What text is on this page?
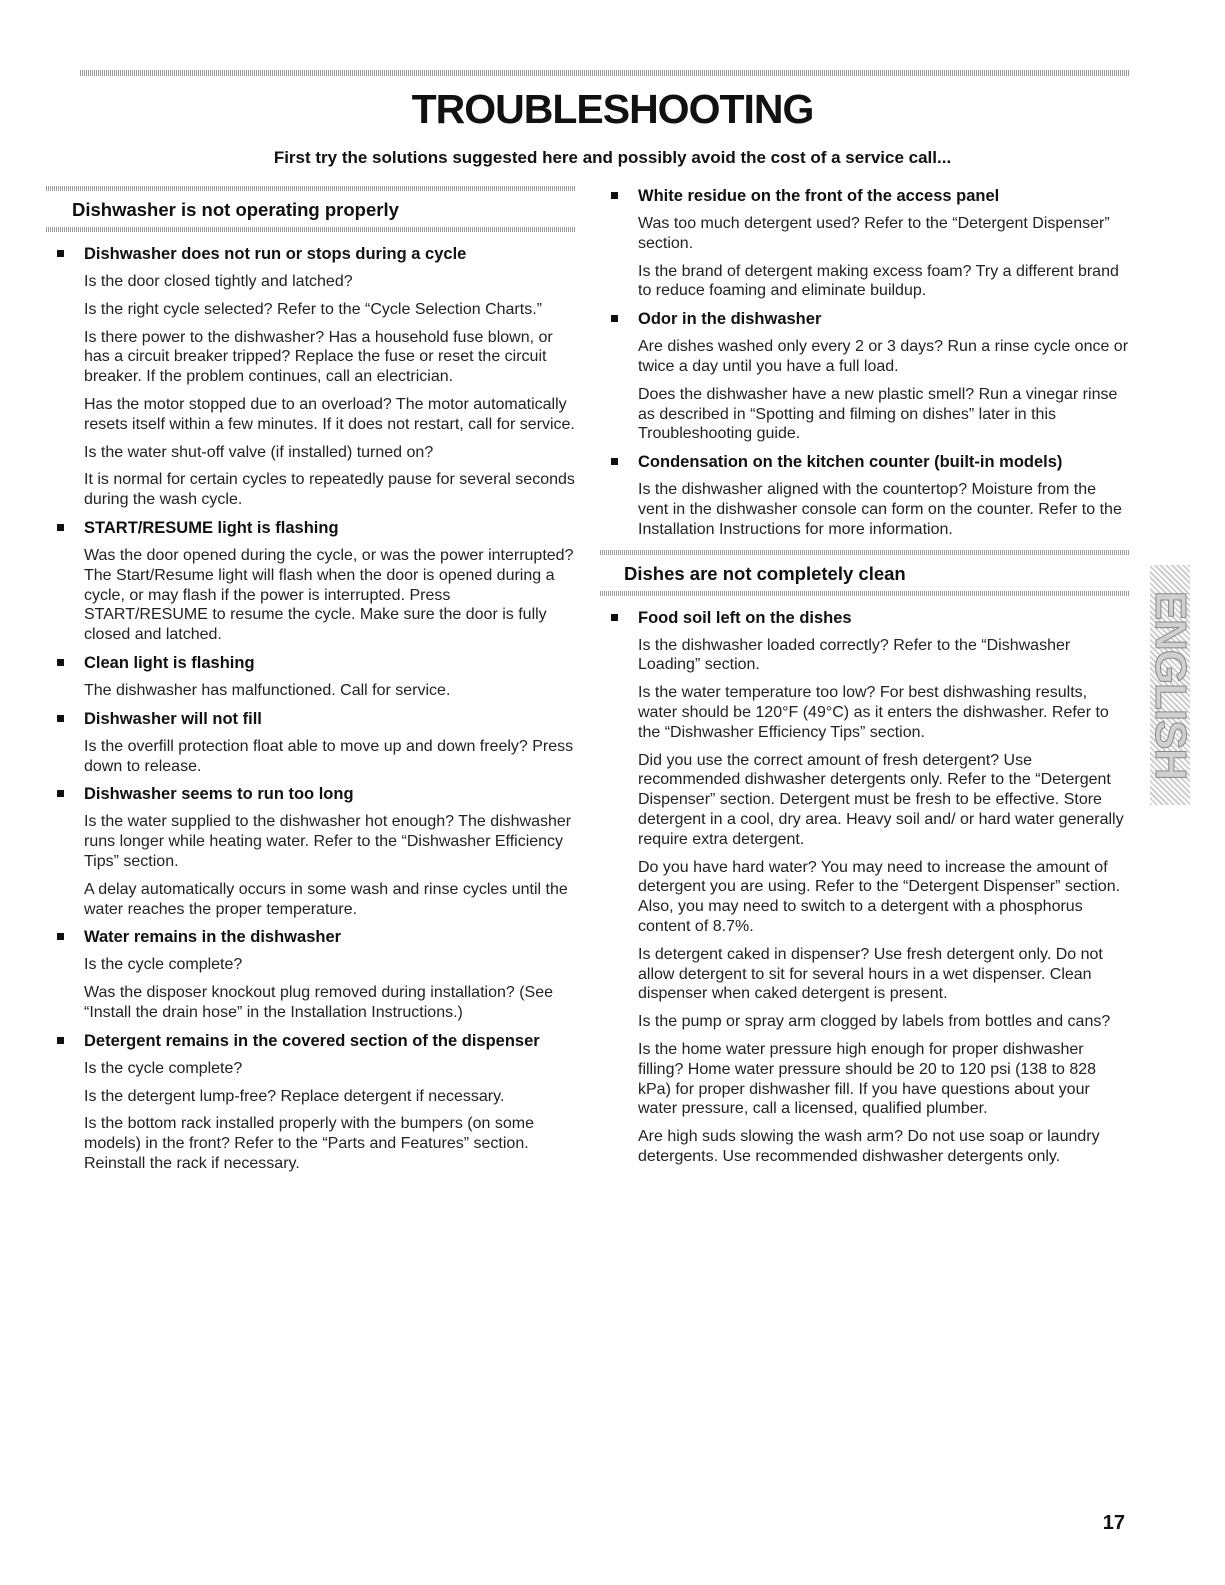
TROUBLESHOOTING
First try the solutions suggested here and possibly avoid the cost of a service call...
Dishwasher is not operating properly
Dishwasher does not run or stops during a cycle

Is the door closed tightly and latched?

Is the right cycle selected? Refer to the “Cycle Selection Charts.”

Is there power to the dishwasher? Has a household fuse blown, or has a circuit breaker tripped? Replace the fuse or reset the circuit breaker. If the problem continues, call an electrician.

Has the motor stopped due to an overload? The motor automatically resets itself within a few minutes. If it does not restart, call for service.

Is the water shut-off valve (if installed) turned on?

It is normal for certain cycles to repeatedly pause for several seconds during the wash cycle.

START/RESUME light is flashing

Was the door opened during the cycle, or was the power interrupted? The Start/Resume light will flash when the door is opened during a cycle, or may flash if the power is interrupted. Press START/RESUME to resume the cycle. Make sure the door is fully closed and latched.

Clean light is flashing

The dishwasher has malfunctioned. Call for service.

Dishwasher will not fill

Is the overfill protection float able to move up and down freely? Press down to release.

Dishwasher seems to run too long

Is the water supplied to the dishwasher hot enough? The dishwasher runs longer while heating water. Refer to the “Dishwasher Efficiency Tips” section.

A delay automatically occurs in some wash and rinse cycles until the water reaches the proper temperature.

Water remains in the dishwasher

Is the cycle complete?

Was the disposer knockout plug removed during installation? (See “Install the drain hose” in the Installation Instructions.)

Detergent remains in the covered section of the dispenser

Is the cycle complete?

Is the detergent lump-free? Replace detergent if necessary.

Is the bottom rack installed properly with the bumpers (on some models) in the front? Refer to the “Parts and Features” section. Reinstall the rack if necessary.

White residue on the front of the access panel

Was too much detergent used? Refer to the “Detergent Dispenser” section.

Is the brand of detergent making excess foam? Try a different brand to reduce foaming and eliminate buildup.

Odor in the dishwasher

Are dishes washed only every 2 or 3 days? Run a rinse cycle once or twice a day until you have a full load.

Does the dishwasher have a new plastic smell? Run a vinegar rinse as described in “Spotting and filming on dishes” later in this Troubleshooting guide.

Condensation on the kitchen counter (built-in models)

Is the dishwasher aligned with the countertop? Moisture from the vent in the dishwasher console can form on the counter. Refer to the Installation Instructions for more information.

Dishes are not completely clean
Food soil left on the dishes

Is the dishwasher loaded correctly? Refer to the “Dishwasher Loading” section.

Is the water temperature too low? For best dishwashing results, water should be 120°F (49°C) as it enters the dishwasher. Refer to the “Dishwasher Efficiency Tips” section.

Did you use the correct amount of fresh detergent? Use recommended dishwasher detergents only. Refer to the “Detergent Dispenser” section. Detergent must be fresh to be effective. Store detergent in a cool, dry area. Heavy soil and/ or hard water generally require extra detergent.

Do you have hard water? You may need to increase the amount of detergent you are using. Refer to the “Detergent Dispenser” section. Also, you may need to switch to a detergent with a phosphorus content of 8.7%.

Is detergent caked in dispenser? Use fresh detergent only. Do not allow detergent to sit for several hours in a wet dispenser. Clean dispenser when caked detergent is present.

Is the pump or spray arm clogged by labels from bottles and cans?

Is the home water pressure high enough for proper dishwasher filling? Home water pressure should be 20 to 120 psi (138 to 828 kPa) for proper dishwasher fill. If you have questions about your water pressure, call a licensed, qualified plumber.

Are high suds slowing the wash arm? Do not use soap or laundry detergents. Use recommended dishwasher detergents only.

ENGLISH
17
